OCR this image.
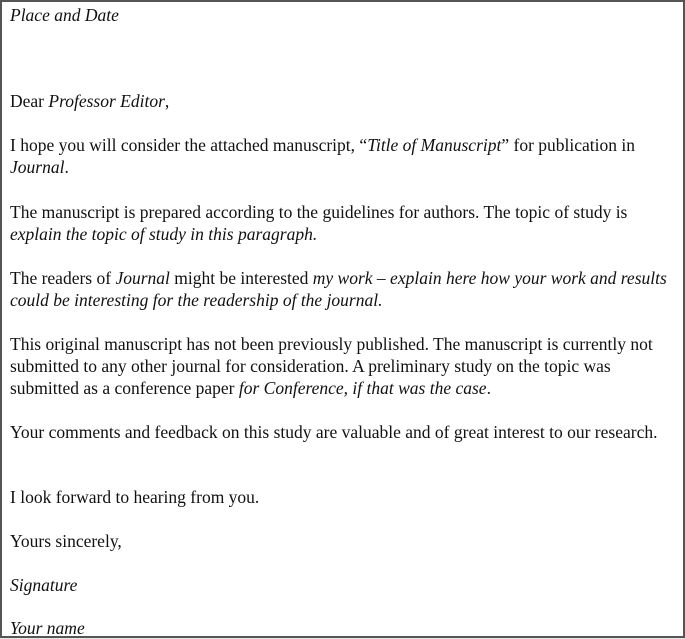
Place and Date

Dear Professor Editor,

I hope you will consider the attached manuscript, “Title of Manuscript” for publication in Journal.

The manuscript is prepared according to the guidelines for authors. The topic of study is explain the topic of study in this paragraph.

The readers of Journal might be interested my work – explain here how your work and results could be interesting for the readership of the journal.

This original manuscript has not been previously published. The manuscript is currently not submitted to any other journal for consideration. A preliminary study on the topic was submitted as a conference paper for Conference, if that was the case.

Your comments and feedback on this study are valuable and of great interest to our research.

I look forward to hearing from you.

Yours sincerely,

Signature

Your name
